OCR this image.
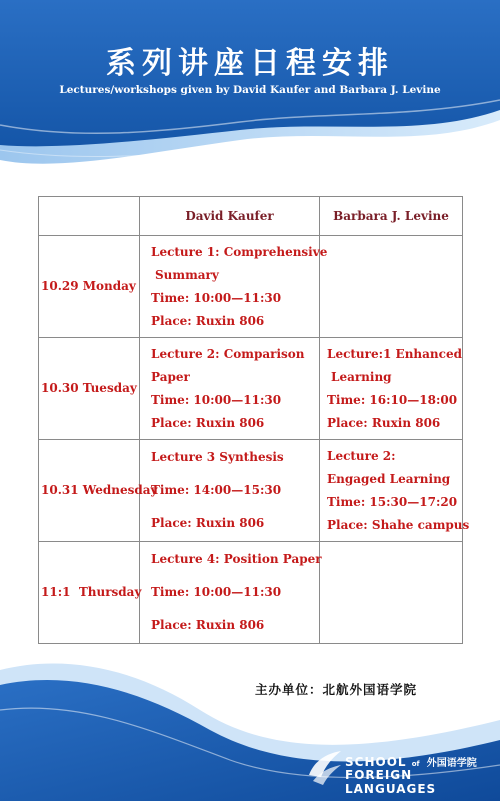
系列讲座日程安排
Lectures/workshops given by David Kaufer and Barbara J. Levine
	David Kaufer	Barbara J. Levine
10.29 Monday	Lecture 1: Comprehensive
Summary
Time: 10:00—11:30
Place: Ruxin 806	

10.30 Tuesday	Lecture 2: Comparison
Paper
Time: 10:00—11:30
Place: Ruxin 806	Lecture:1 Enhanced
Learning
Time: 16:10—18:00
Place: Ruxin 806

10.31 Wednesday	Lecture 3 Synthesis
Time: 14:00—15:30
Place: Ruxin 806	Lecture 2:
Engaged Learning
Time: 15:30—17:20
Place: Shahe campus

11:1  Thursday	Lecture 4: Position Paper
Time: 10:00—11:30
Place: Ruxin 806	

主办单位：北航外国语学院
SCHOOL of 外国语学院
FOREIGN LANGUAGES
